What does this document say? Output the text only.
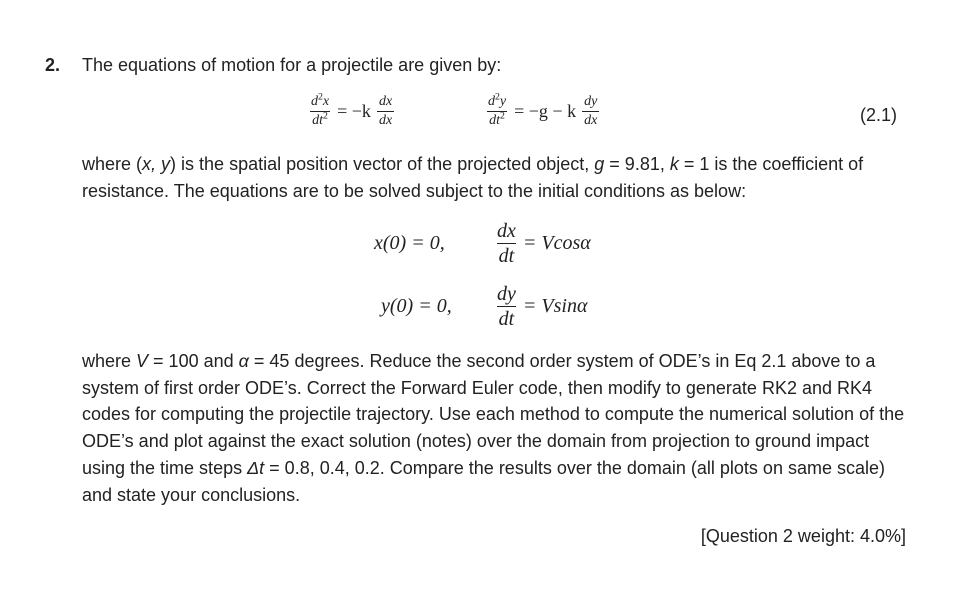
2. The equations of motion for a projectile are given by:
$\frac{d^2x}{dt^2} = -k \frac{dx}{dx}$	$\frac{d^2y}{dt^2} = -g - k \frac{dy}{dx}$	(2.1)

where (x, y) is the spatial position vector of the projected object, g = 9.81, k = 1 is the coefficient of resistance. The equations are to be solved subject to the initial conditions as below:

x(0) = 0,	$\frac{dx}{dt} = Vcos\alpha$
y(0) = 0,	$\frac{dy}{dt} = Vsin\alpha$

where V = 100 and α = 45 degrees. Reduce the second order system of ODE’s in Eq 2.1 above to a system of first order ODE’s. Correct the Forward Euler code, then modify to generate RK2 and RK4 codes for computing the projectile trajectory. Use each method to compute the numerical solution of the ODE’s and plot against the exact solution (notes) over the domain from projection to ground impact using the time steps Δt = 0.8, 0.4, 0.2. Compare the results over the domain (all plots on same scale) and state your conclusions.

[Question 2 weight: 4.0%]
